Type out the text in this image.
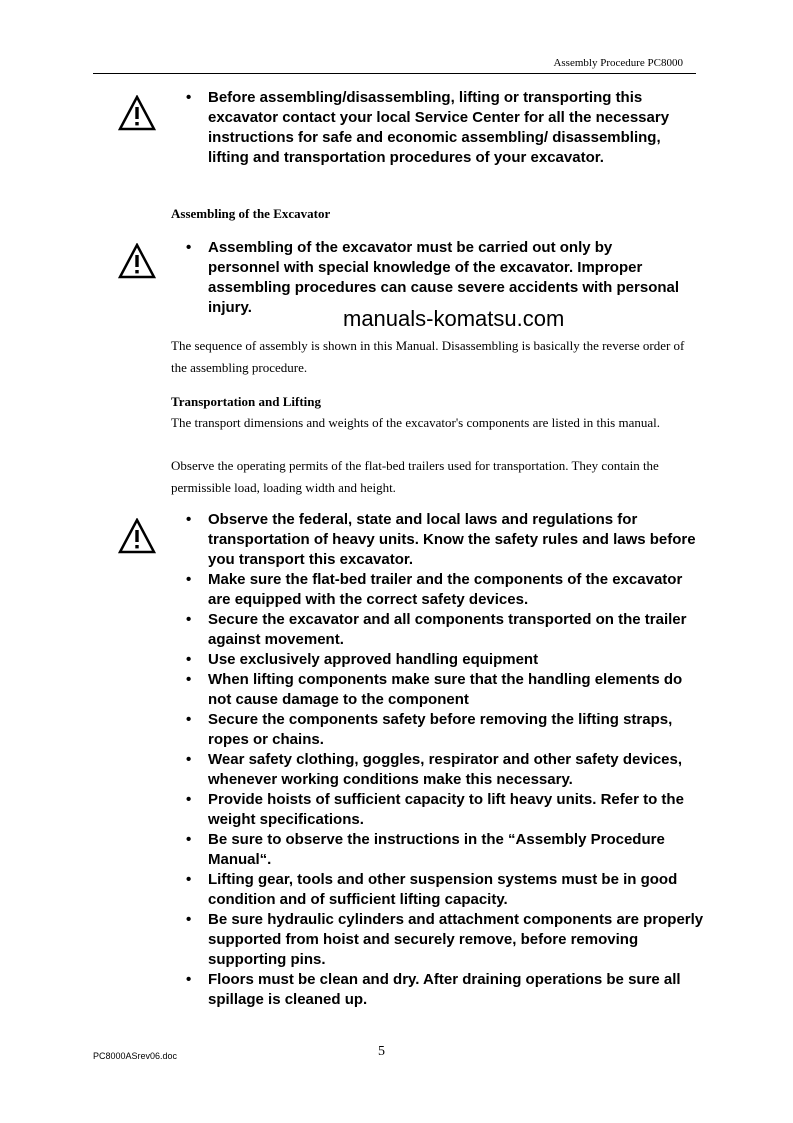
Assembly Procedure PC8000
• Before assembling/disassembling, lifting or transporting this excavator contact your local Service Center for all the necessary instructions for safe and economic assembling/ disassembling, lifting and transportation procedures of your excavator.
Assembling of the Excavator
• Assembling of the excavator must be carried out only by personnel with special knowledge of the excavator. Improper assembling procedures can cause severe accidents with personal injury.	manuals-komatsu.com

The sequence of assembly is shown in this Manual. Disassembling is basically the reverse order of the assembling procedure.

Transportation and Lifting

The transport dimensions and weights of the excavator's components are listed in this manual.

Observe the operating permits of the flat-bed trailers used for transportation. They contain the permissible load, loading width and height.

• Observe the federal, state and local laws and regulations for transportation of heavy units. Know the safety rules and laws before you transport this excavator.
• Make sure the flat-bed trailer and the components of the excavator are equipped with the correct safety devices.
• Secure the excavator and all components transported on the trailer against movement.
• Use exclusively approved handling equipment
• When lifting components make sure that the handling elements do not cause damage to the component
• Secure the components safety before removing the lifting straps, ropes or chains.
• Wear safety clothing, goggles, respirator and other safety devices, whenever working conditions make this necessary.
• Provide hoists of sufficient capacity to lift heavy units. Refer to the weight specifications.
• Be sure to observe the instructions in the “Assembly Procedure Manual“.
• Lifting gear, tools and other suspension systems must be in good condition and of sufficient lifting capacity.
• Be sure hydraulic cylinders and attachment components are properly supported from hoist and securely remove, before removing supporting pins.
• Floors must be clean and dry. After draining operations be sure all spillage is cleaned up.
PC8000ASrev06.doc	5
